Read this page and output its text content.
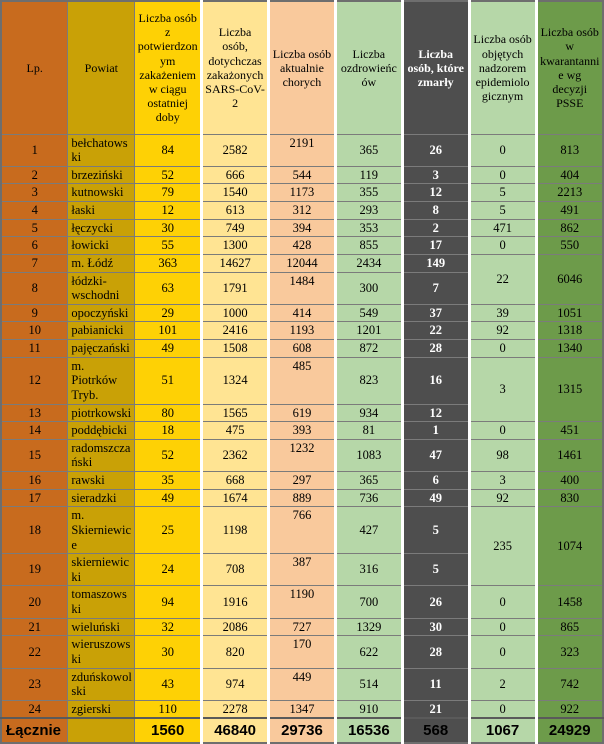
Lp.	Powiat	Liczba osób z potwierdzonym zakażeniem w ciągu ostatniej doby	Liczba osób, dotychczas zakażonych SARS-CoV-2	Liczba osób aktualnie chorych	Liczba ozdrowieńców	Liczba osób, które zmarły	Liczba osób objętych nadzorem epidemiologicznym	Liczba osób w kwarantannie wg decyzji PSSE
1	bełchatowski	84	2582	2191	365	26	0	813
2	brzeziński	52	666	544	119	3	0	404
3	kutnowski	79	1540	1173	355	12	5	2213
4	łaski	12	613	312	293	8	5	491
5	łęczycki	30	749	394	353	2	471	862
6	łowicki	55	1300	428	855	17	0	550
7	m. Łódź	363	14627	12044	2434	149	22	6046
8	łódzki-wschodni	63	1791	1484	300	7		
9	opoczyński	29	1000	414	549	37	39	1051
10	pabianicki	101	2416	1193	1201	22	92	1318
11	pajęczański	49	1508	608	872	28	0	1340
12	m. Piotrków Tryb.	51	1324	485	823	16	3	1315
13	piotrkowski	80	1565	619	934	12		
14	poddębicki	18	475	393	81	1	0	451
15	radomszczański	52	2362	1232	1083	47	98	1461
16	rawski	35	668	297	365	6	3	400
17	sieradzki	49	1674	889	736	49	92	830
18	m. Skierniewice	25	1198	766	427	5	235	1074
19	skierniewicki	24	708	387	316	5		
20	tomaszowski	94	1916	1190	700	26	0	1458
21	wieluński	32	2086	727	1329	30	0	865
22	wieruszowski	30	820	170	622	28	0	323
23	zduńskowolski	43	974	449	514	11	2	742
24	zgierski	110	2278	1347	910	21	0	922
Łącznie		1560	46840	29736	16536	568	1067	24929
